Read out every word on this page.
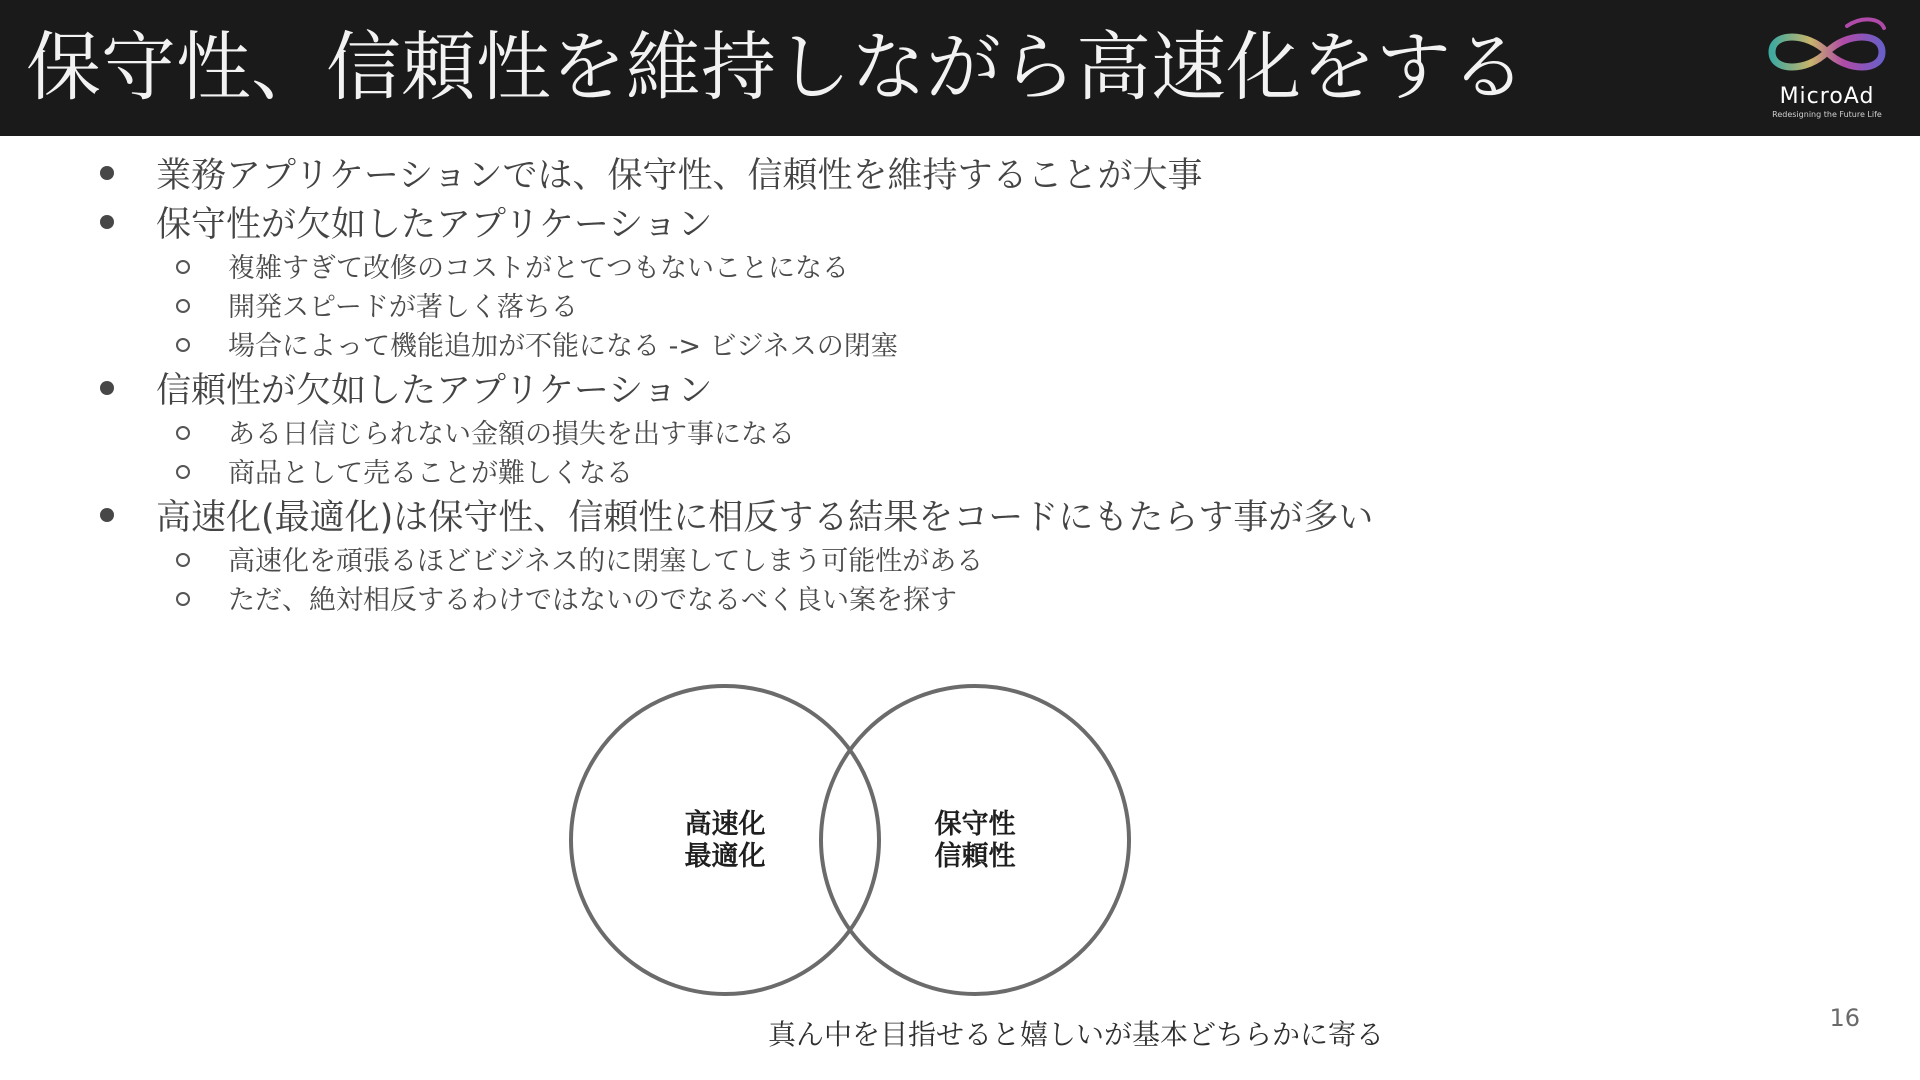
保守性、信頼性を維持しながら高速化をする	MicroAd
Redesigning the Future Life
業務アプリケーションでは、保守性、信頼性を維持することが大事
保守性が欠如したアプリケーション
複雑すぎて改修のコストがとてつもないことになる
開発スピードが著しく落ちる
場合によって機能追加が不能になる -> ビジネスの閉塞
信頼性が欠如したアプリケーション
ある日信じられない金額の損失を出す事になる
商品として売ることが難しくなる
高速化(最適化)は保守性、信頼性に相反する結果をコードにもたらす事が多い
高速化を頑張るほどビジネス的に閉塞してしまう可能性がある
ただ、絶対相反するわけではないのでなるべく良い案を探す
高速化
最適化
保守性
信頼性
真ん中を目指せると嬉しいが基本どちらかに寄る	16
